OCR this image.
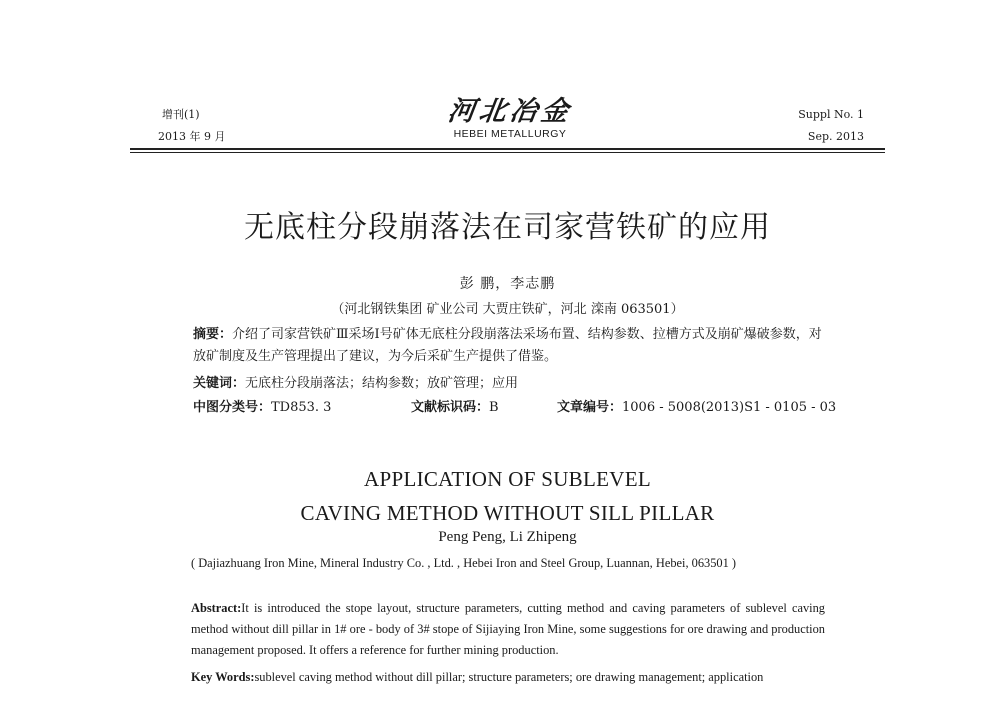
增刊(1)
2013 年 9 月
河北冶金
HEBEI METALLURGY
Suppl No. 1
Sep. 2013
无底柱分段崩落法在司家营铁矿的应用
彭 鹏，李志鹏
（河北钢铁集团 矿业公司 大贾庄铁矿，河北 滦南 063501）
摘要：介绍了司家营铁矿Ⅲ采场Ⅰ号矿体无底柱分段崩落法采场布置、结构参数、拉槽方式及崩矿爆破参数，对放矿制度及生产管理提出了建议，为今后采矿生产提供了借鉴。
关键词：无底柱分段崩落法；结构参数；放矿管理；应用
中图分类号：TD853. 3	文献标识码：B	文章编号：1006 - 5008(2013)S1 - 0105 - 03
APPLICATION OF SUBLEVEL
CAVING METHOD WITHOUT SILL PILLAR
Peng Peng, Li Zhipeng
( Dajiazhuang Iron Mine, Mineral Industry Co. , Ltd. , Hebei Iron and Steel Group, Luannan, Hebei, 063501 )
Abstract:It is introduced the stope layout, structure parameters, cutting method and caving parameters of sublevel caving method without dill pillar in 1# ore - body of 3# stope of Sijiaying Iron Mine, some suggestions for ore drawing and production management proposed. It offers a reference for further mining production.
Key Words:sublevel caving method without dill pillar; structure parameters; ore drawing management; application
